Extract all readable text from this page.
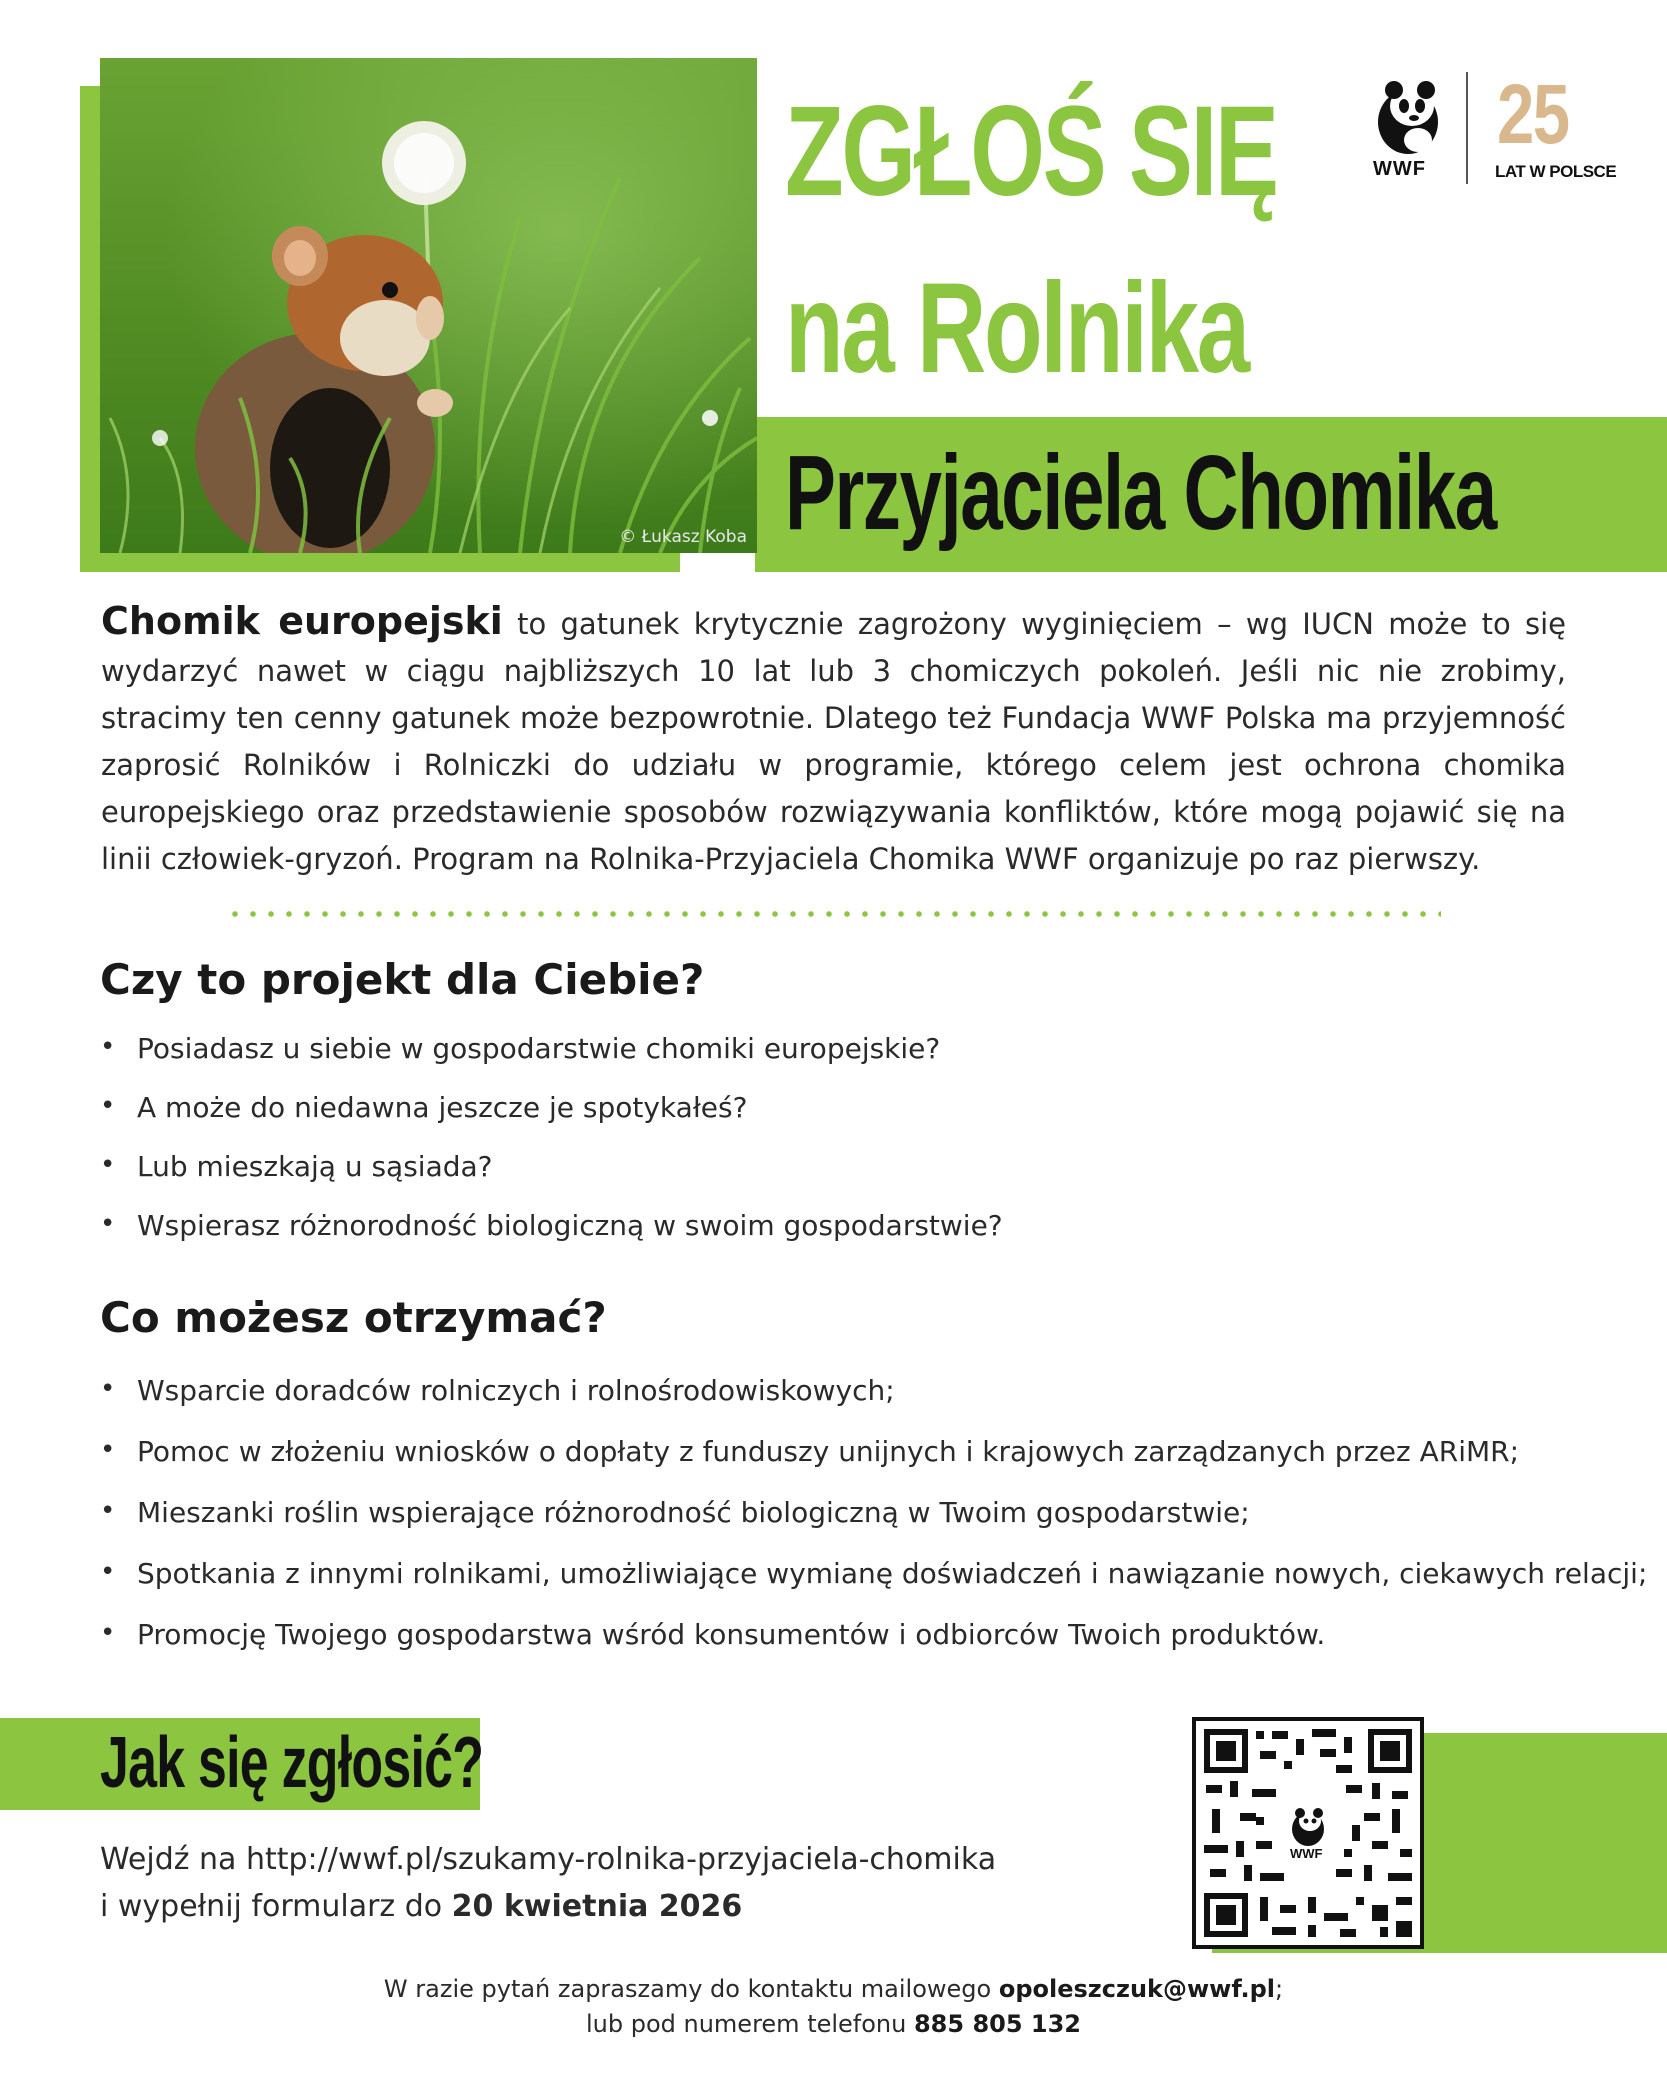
© Łukasz Koba
ZGŁOŚ SIĘ
na Rolnika
Przyjaciela Chomika
WWF
25
LAT W POLSCE
Chomik europejski to gatunek krytycznie zagrożony wyginięciem – wg IUCN może to się wydarzyć nawet w ciągu najbliższych 10 lat lub 3 chomiczych pokoleń. Jeśli nic nie zrobimy, stracimy ten cenny gatunek może bezpowrotnie. Dlatego też Fundacja WWF Polska ma przyjemność zaprosić Rolników i Rolniczki do udziału w programie, którego celem jest ochrona chomika europejskiego oraz przedstawienie sposobów rozwiązywania konfliktów, które mogą pojawić się na linii człowiek-gryzoń. Program na Rolnika-Przyjaciela Chomika WWF organizuje po raz pierwszy.
Czy to projekt dla Ciebie?
• Posiadasz u siebie w gospodarstwie chomiki europejskie?
• A może do niedawna jeszcze je spotykałeś?
• Lub mieszkają u sąsiada?
• Wspierasz różnorodność biologiczną w swoim gospodarstwie?
Co możesz otrzymać?
• Wsparcie doradców rolniczych i rolnośrodowiskowych;
• Pomoc w złożeniu wniosków o dopłaty z funduszy unijnych i krajowych zarządzanych przez ARiMR;
• Mieszanki roślin wspierające różnorodność biologiczną w Twoim gospodarstwie;
• Spotkania z innymi rolnikami, umożliwiające wymianę doświadczeń i nawiązanie nowych, ciekawych relacji;
• Promocję Twojego gospodarstwa wśród konsumentów i odbiorców Twoich produktów.
Jak się zgłosić?
Wejdź na http://wwf.pl/szukamy-rolnika-przyjaciela-chomika
i wypełnij formularz do 20 kwietnia 2026
WWF
W razie pytań zapraszamy do kontaktu mailowego opoleszczuk@wwf.pl;
lub pod numerem telefonu 885 805 132
